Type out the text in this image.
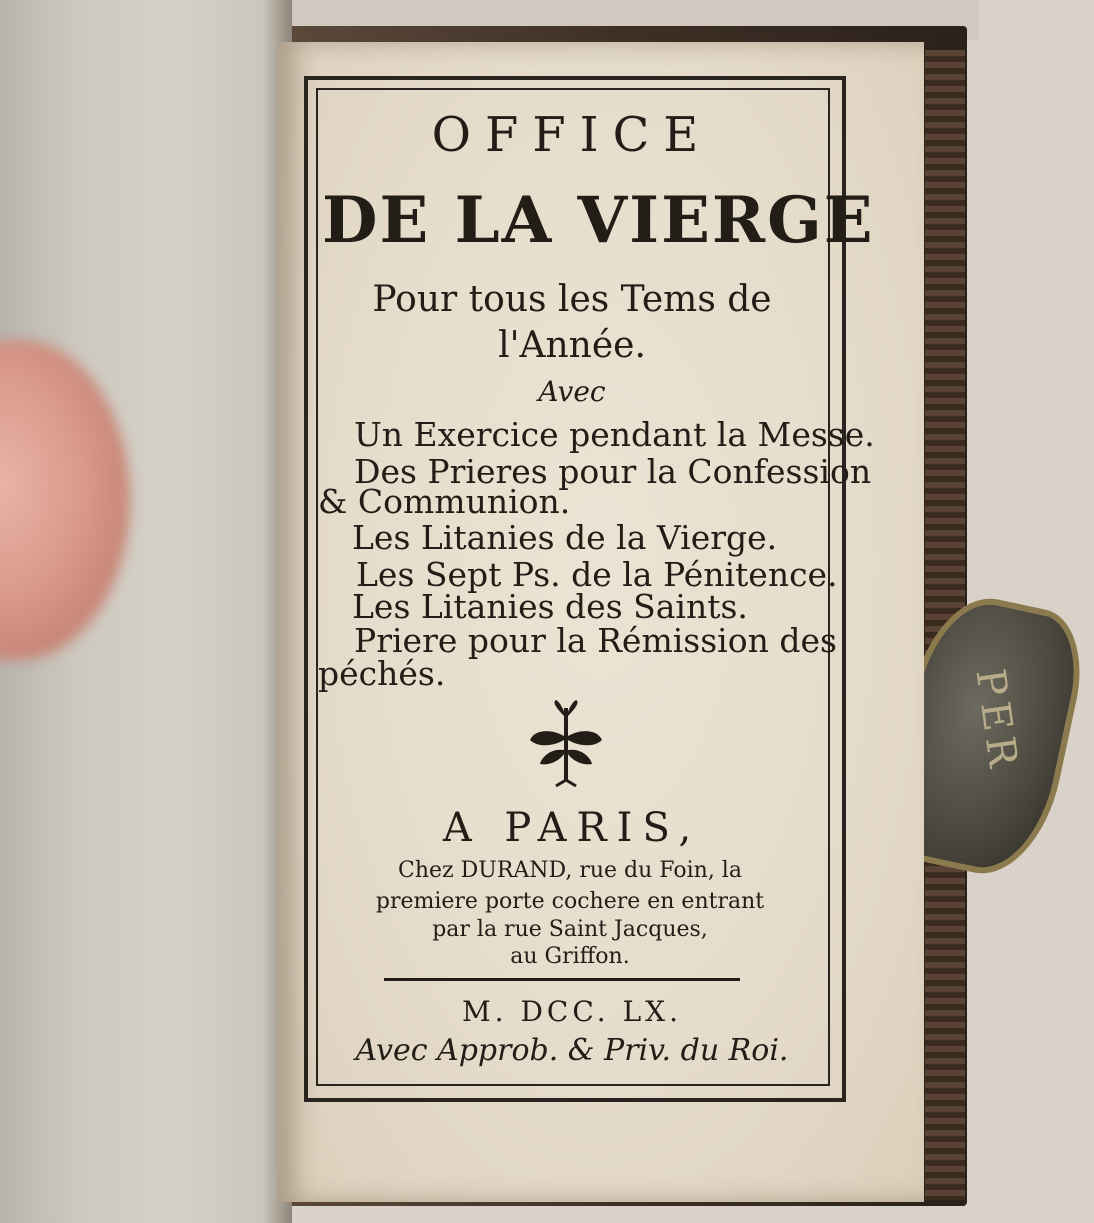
PER
OFFICE
DE LA VIERGE
Pour tous les Tems de
l'Année.
Avec
Un Exercice pendant la Messe.
Des Prieres pour la Confession
& Communion.
Les Litanies de la Vierge.
Les Sept Ps. de la Pénitence.
Les Litanies des Saints.
Priere pour la Rémission des
péchés.
A PARIS,
Chez DURAND, rue du Foin, la
premiere porte cochere en entrant
par la rue Saint Jacques,
au Griffon.
M. DCC. LX.
Avec Approb. & Priv. du Roi.
